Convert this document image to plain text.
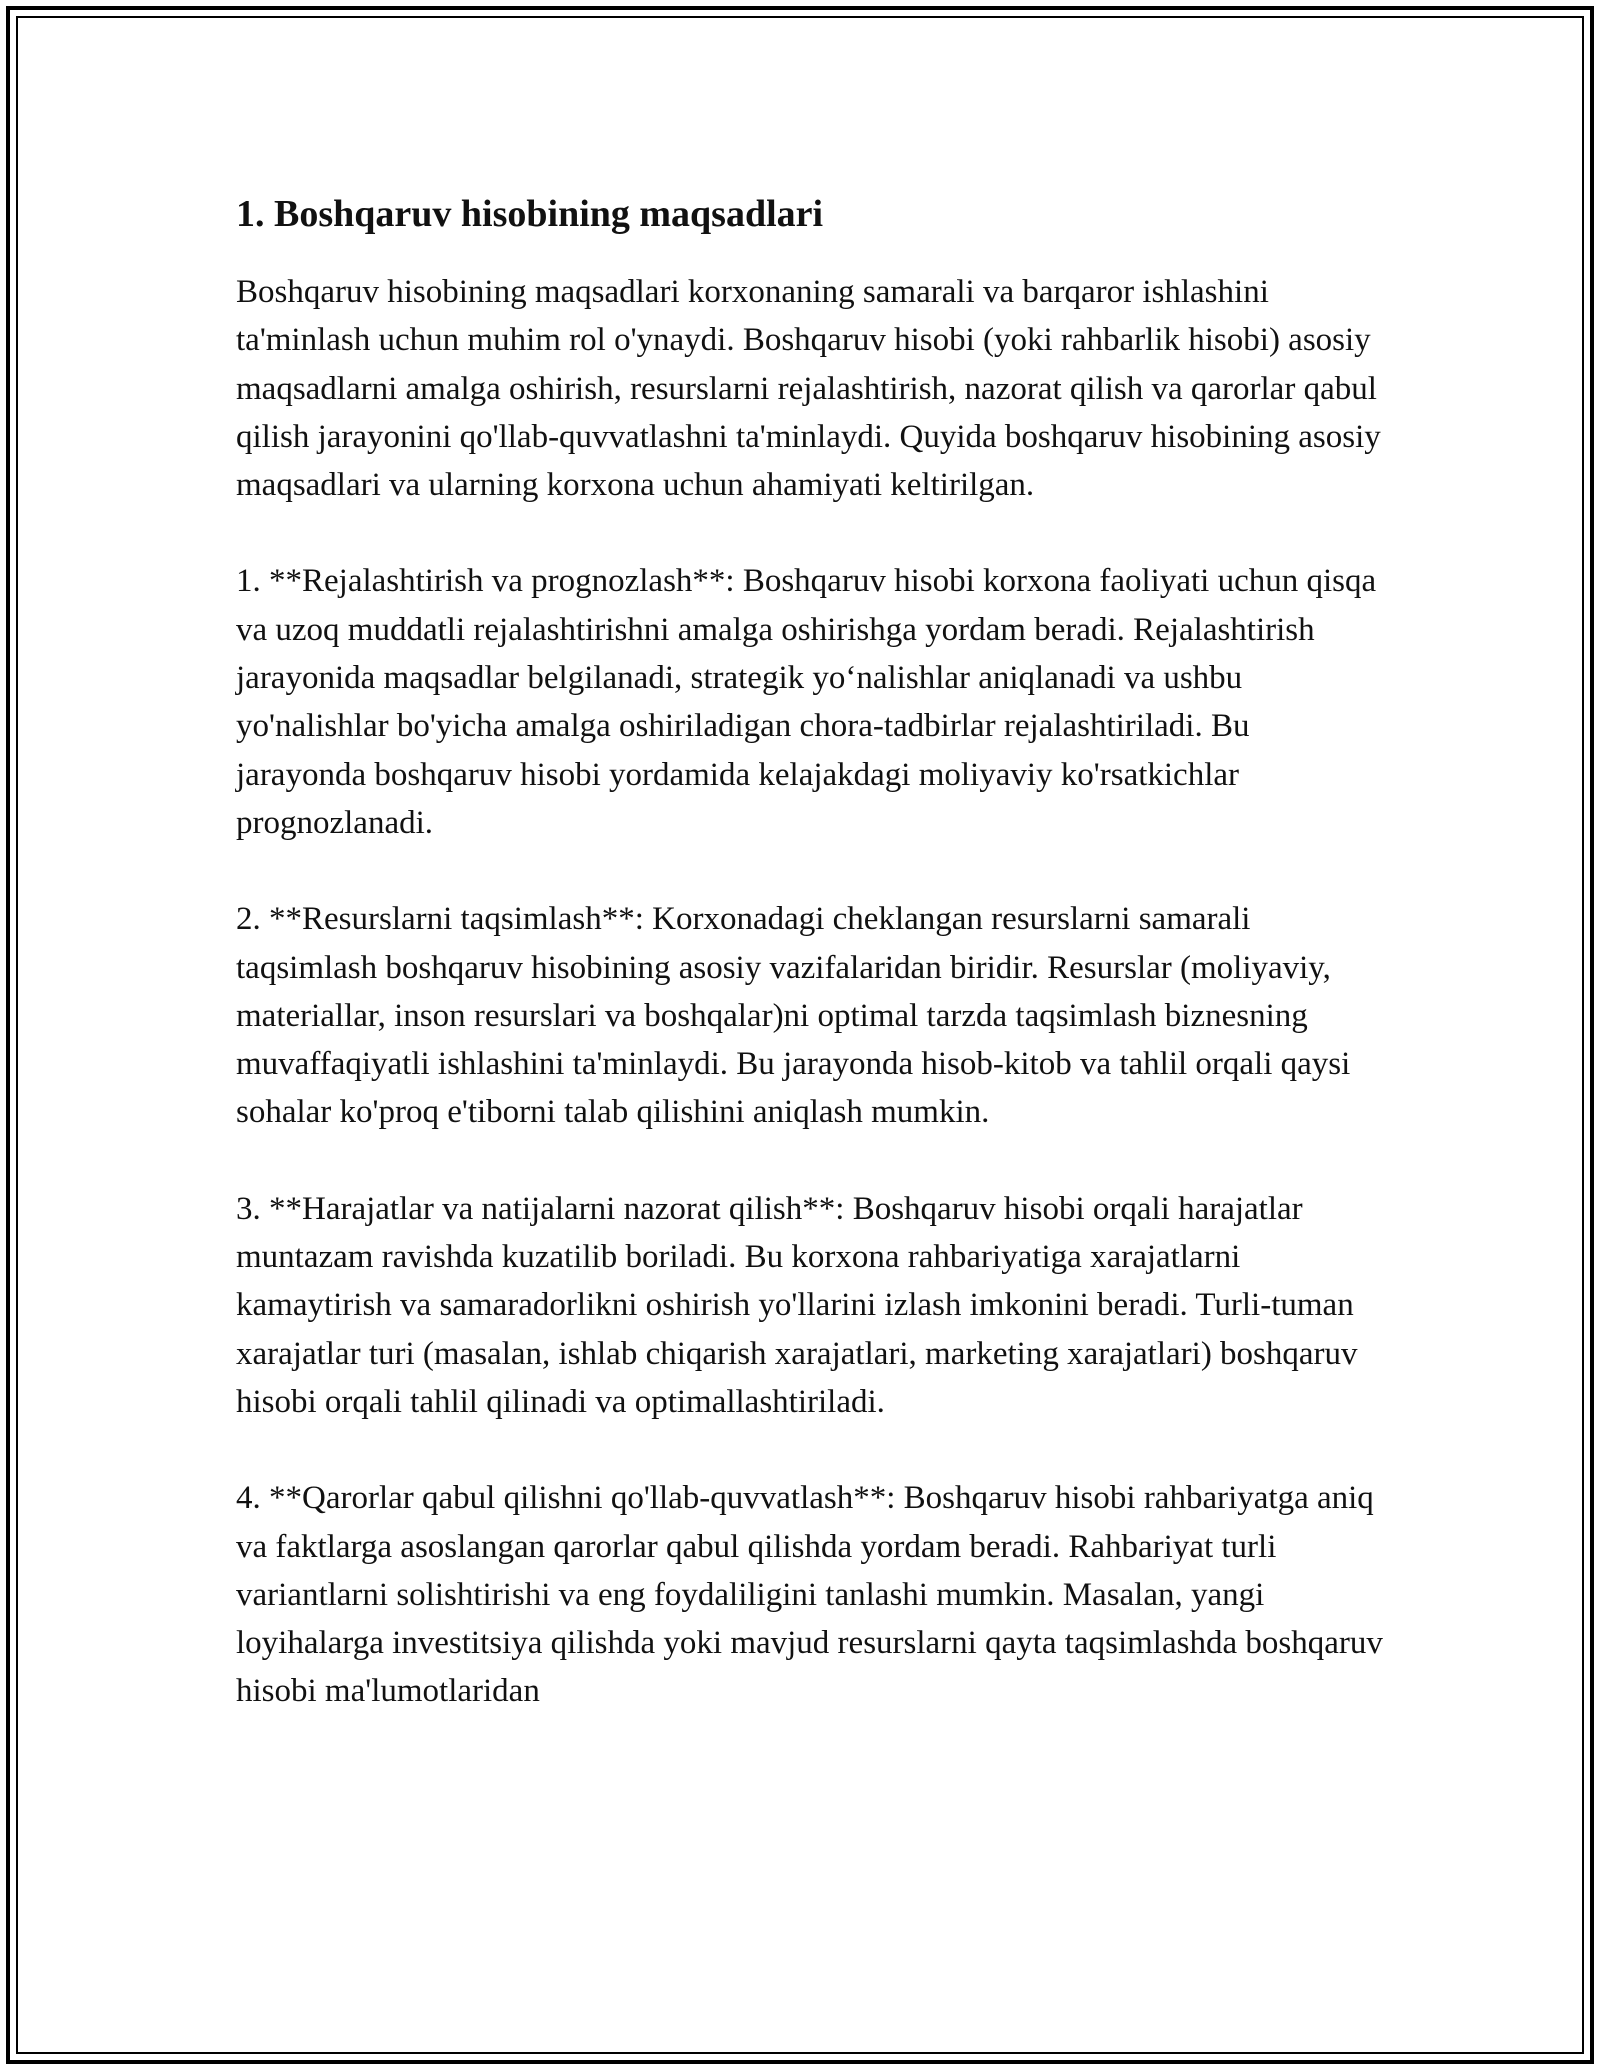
1. Boshqaruv hisobining maqsadlari

Boshqaruv hisobining maqsadlari korxonaning samarali va barqaror ishlashini ta'minlash uchun muhim rol o'ynaydi. Boshqaruv hisobi (yoki rahbarlik hisobi) asosiy maqsadlarni amalga oshirish, resurslarni rejalashtirish, nazorat qilish va qarorlar qabul qilish jarayonini qo'llab-quvvatlashni ta'minlaydi. Quyida boshqaruv hisobining asosiy maqsadlari va ularning korxona uchun ahamiyati keltirilgan.

1. **Rejalashtirish va prognozlash**: Boshqaruv hisobi korxona faoliyati uchun qisqa va uzoq muddatli rejalashtirishni amalga oshirishga yordam beradi. Rejalashtirish jarayonida maqsadlar belgilanadi, strategik yo‘nalishlar aniqlanadi va ushbu yo'nalishlar bo'yicha amalga oshiriladigan chora-tadbirlar rejalashtiriladi. Bu jarayonda boshqaruv hisobi yordamida kelajakdagi moliyaviy ko'rsatkichlar prognozlanadi.

2. **Resurslarni taqsimlash**: Korxonadagi cheklangan resurslarni samarali taqsimlash boshqaruv hisobining asosiy vazifalaridan biridir. Resurslar (moliyaviy, materiallar, inson resurslari va boshqalar)ni optimal tarzda taqsimlash biznesning muvaffaqiyatli ishlashini ta'minlaydi. Bu jarayonda hisob-kitob va tahlil orqali qaysi sohalar ko'proq e'tiborni talab qilishini aniqlash mumkin.

3. **Harajatlar va natijalarni nazorat qilish**: Boshqaruv hisobi orqali harajatlar muntazam ravishda kuzatilib boriladi. Bu korxona rahbariyatiga xarajatlarni kamaytirish va samaradorlikni oshirish yo'llarini izlash imkonini beradi. Turli-tuman xarajatlar turi (masalan, ishlab chiqarish xarajatlari, marketing xarajatlari) boshqaruv hisobi orqali tahlil qilinadi va optimallashtiriladi.

4. **Qarorlar qabul qilishni qo'llab-quvvatlash**: Boshqaruv hisobi rahbariyatga aniq va faktlarga asoslangan qarorlar qabul qilishda yordam beradi. Rahbariyat turli variantlarni solishtirishi va eng foydaliligini tanlashi mumkin. Masalan, yangi loyihalarga investitsiya qilishda yoki mavjud resurslarni qayta taqsimlashda boshqaruv hisobi ma'lumotlaridan
